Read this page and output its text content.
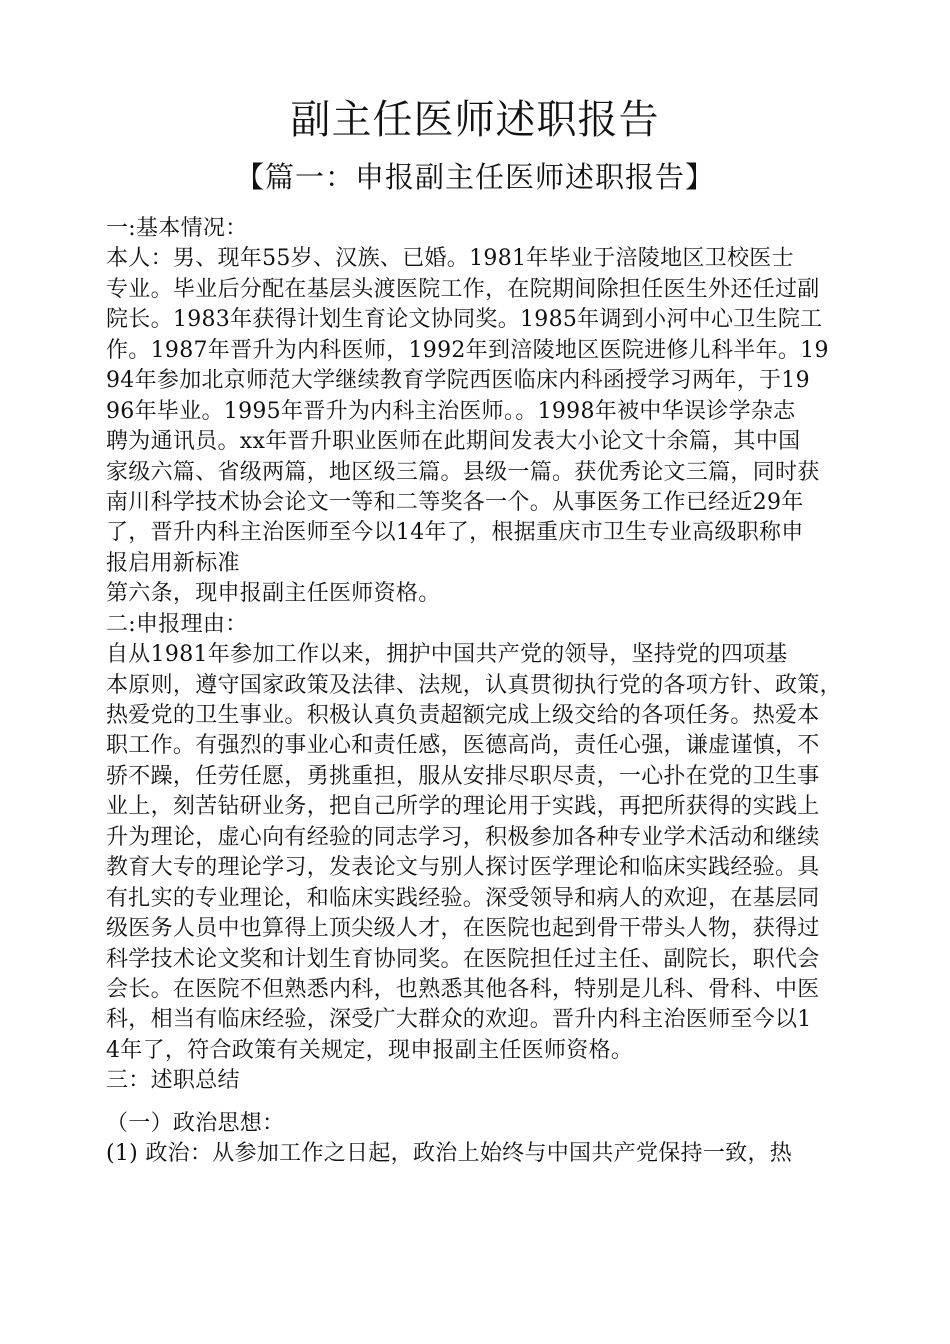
副主任医师述职报告
【篇一：申报副主任医师述职报告】
一:基本情况：
本人：男、现年55岁、汉族、已婚。1981年毕业于涪陵地区卫校医士
专业。毕业后分配在基层头渡医院工作，在院期间除担任医生外还任过副
院长。1983年获得计划生育论文协同奖。1985年调到小河中心卫生院工
作。1987年晋升为内科医师，1992年到涪陵地区医院进修儿科半年。19
94年参加北京师范大学继续教育学院西医临床内科函授学习两年，于19
96年毕业。1995年晋升为内科主治医师。。1998年被中华误诊学杂志
聘为通讯员。xx年晋升职业医师在此期间发表大小论文十余篇，其中国
家级六篇、省级两篇，地区级三篇。县级一篇。获优秀论文三篇，同时获
南川科学技术协会论文一等和二等奖各一个。从事医务工作已经近29年
了，晋升内科主治医师至今以14年了，根据重庆市卫生专业高级职称申
报启用新标准
第六条，现申报副主任医师资格。
二:申报理由：
自从1981年参加工作以来，拥护中国共产党的领导，坚持党的四项基
本原则，遵守国家政策及法律、法规，认真贯彻执行党的各项方针、政策，
热爱党的卫生事业。积极认真负责超额完成上级交给的各项任务。热爱本
职工作。有强烈的事业心和责任感，医德高尚，责任心强，谦虚谨慎，不
骄不躁，任劳任愿，勇挑重担，服从安排尽职尽责，一心扑在党的卫生事
业上，刻苦钻研业务，把自己所学的理论用于实践，再把所获得的实践上
升为理论，虚心向有经验的同志学习，积极参加各种专业学术活动和继续
教育大专的理论学习，发表论文与别人探讨医学理论和临床实践经验。具
有扎实的专业理论，和临床实践经验。深受领导和病人的欢迎，在基层同
级医务人员中也算得上顶尖级人才，在医院也起到骨干带头人物，获得过
科学技术论文奖和计划生育协同奖。在医院担任过主任、副院长，职代会
会长。在医院不但熟悉内科，也熟悉其他各科，特别是儿科、骨科、中医
科，相当有临床经验，深受广大群众的欢迎。晋升内科主治医师至今以1
4年了，符合政策有关规定，现申报副主任医师资格。
三：述职总结
（一）政治思想：
(1) 政治：从参加工作之日起，政治上始终与中国共产党保持一致，热
